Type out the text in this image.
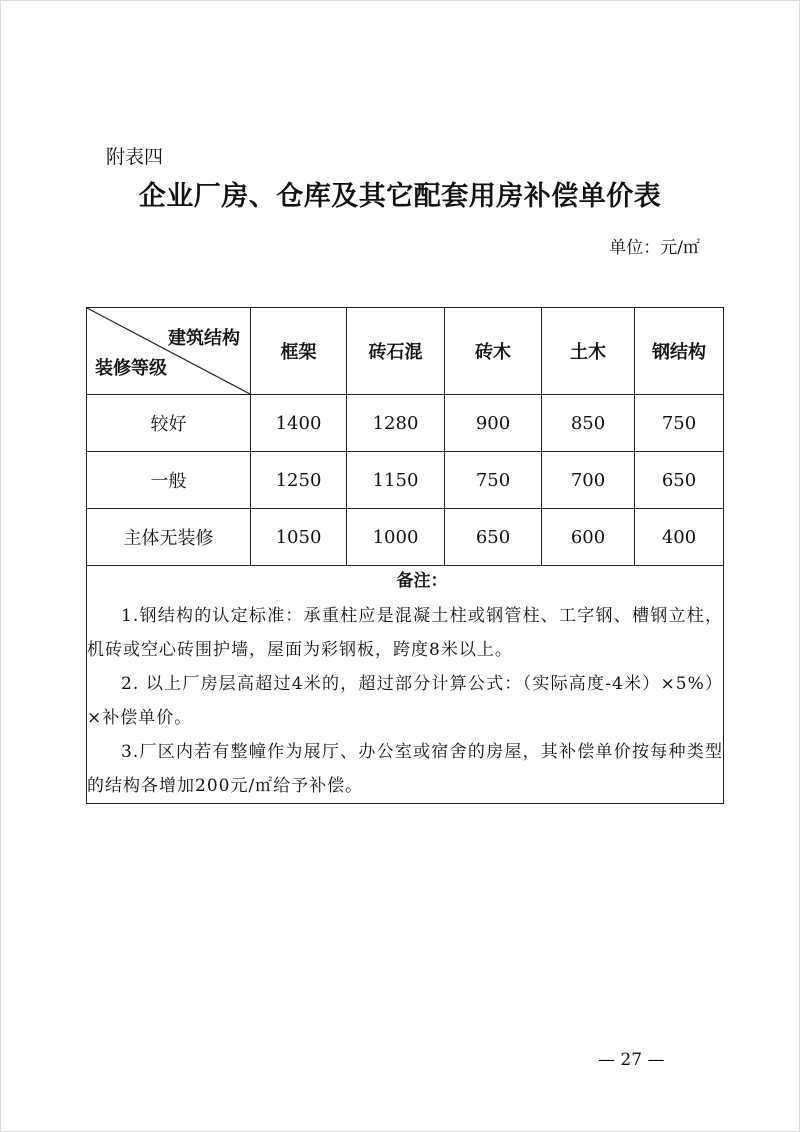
附表四
企业厂房、仓库及其它配套用房补偿单价表
单位：元/㎡
建筑结构
装修等级	框架	砖石混	砖木	土木	钢结构
较好	1400	1280	900	850	750
一般	1250	1150	750	700	650
主体无装修	1050	1000	650	600	400

备注：
1.钢结构的认定标准：承重柱应是混凝土柱或钢管柱、工字钢、槽钢立柱，机砖或空心砖围护墙，屋面为彩钢板，跨度8米以上。
2. 以上厂房层高超过4米的，超过部分计算公式：（实际高度-4米）×5%）×补偿单价。
3.厂区内若有整幢作为展厅、办公室或宿舍的房屋，其补偿单价按每种类型的结构各增加200元/㎡给予补偿。					
— 27 —
